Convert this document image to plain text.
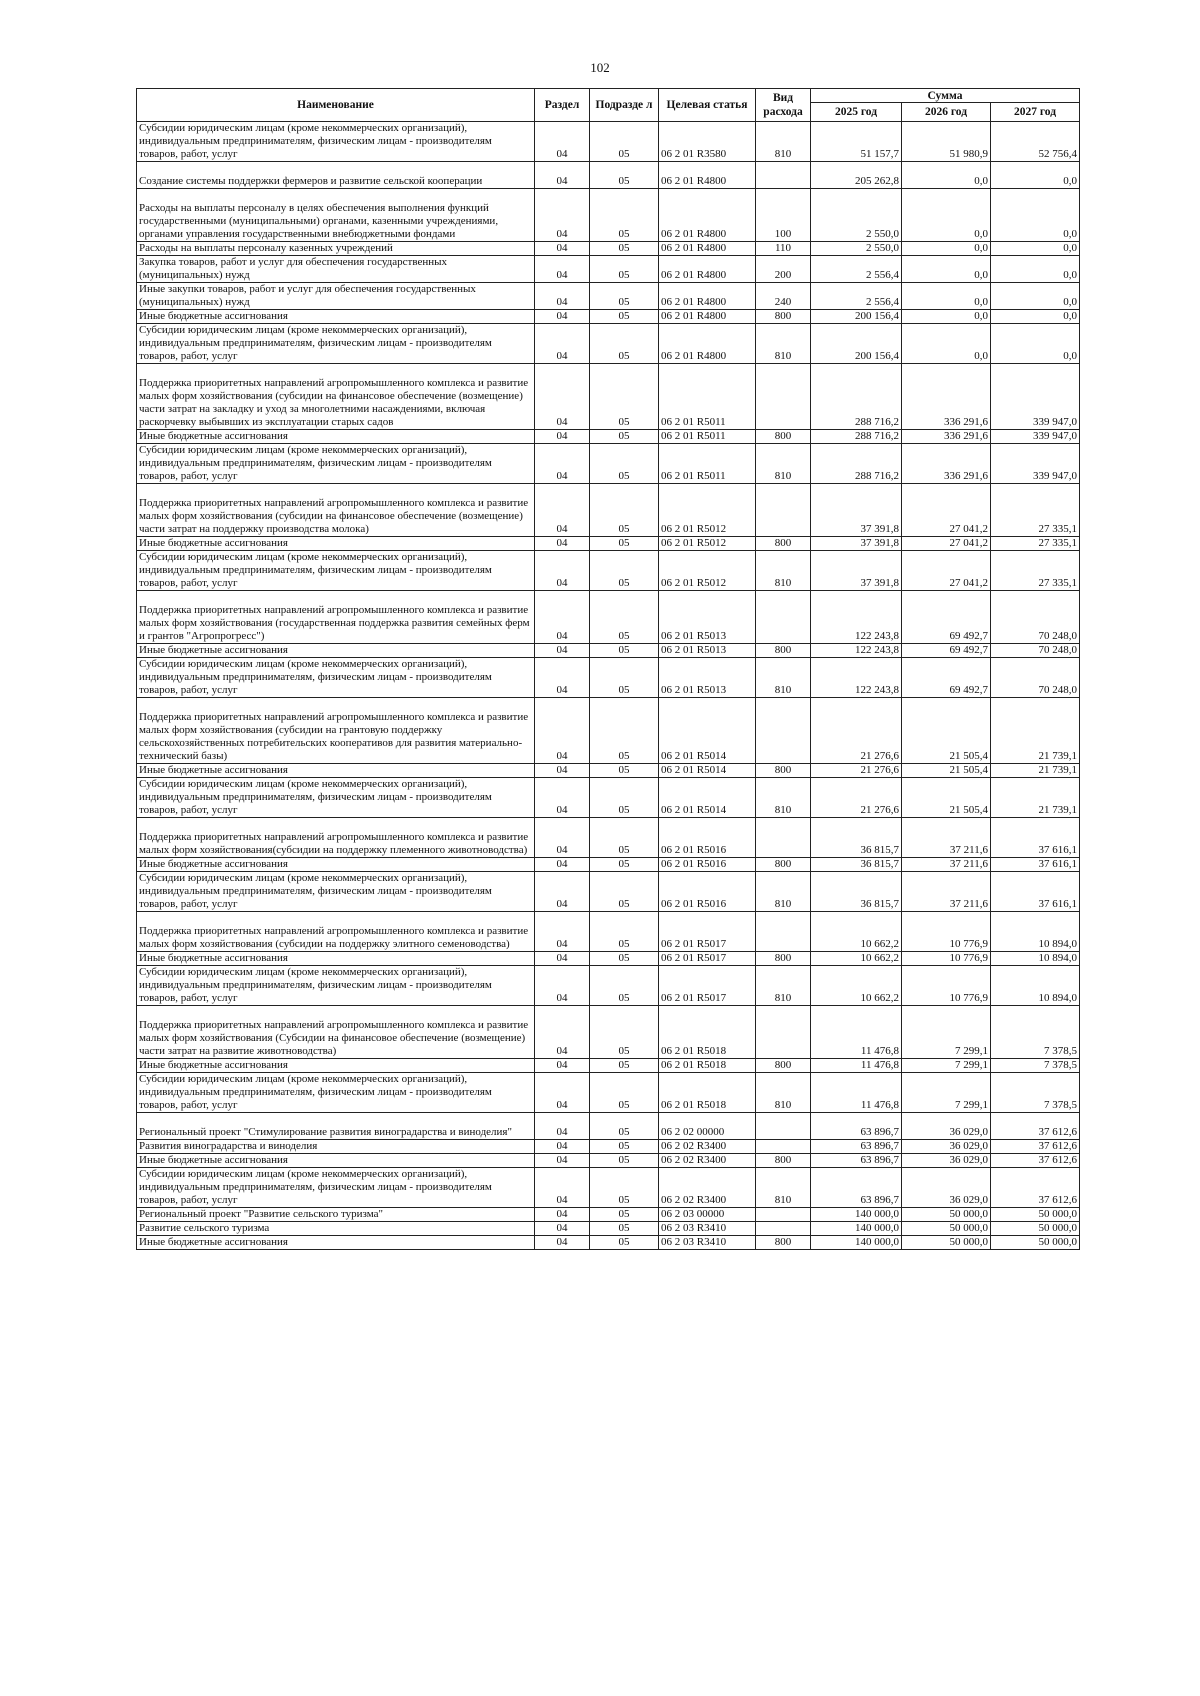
102
Наименование	Раздел	Подразде л	Целевая статья	Вид расхода	Сумма		
					2025 год	2026 год	2027 год
Субсидии юридическим лицам (кроме некоммерческих организаций), индивидуальным предпринимателям, физическим лицам - производителям товаров, работ, услуг	04	05	06 2 01 R3580	810	51 157,7	51 980,9	52 756,4
Создание системы поддержки фермеров и развитие сельской кооперации	04	05	06 2 01 R4800		205 262,8	0,0	0,0
Расходы на выплаты персоналу в целях обеспечения выполнения функций государственными (муниципальными) органами, казенными учреждениями, органами управления государственными внебюджетными фондами	04	05	06 2 01 R4800	100	2 550,0	0,0	0,0
Расходы на выплаты персоналу казенных учреждений	04	05	06 2 01 R4800	110	2 550,0	0,0	0,0
Закупка товаров, работ и услуг для обеспечения государственных (муниципальных) нужд	04	05	06 2 01 R4800	200	2 556,4	0,0	0,0
Иные закупки товаров, работ и услуг для обеспечения государственных (муниципальных) нужд	04	05	06 2 01 R4800	240	2 556,4	0,0	0,0
Иные бюджетные ассигнования	04	05	06 2 01 R4800	800	200 156,4	0,0	0,0
Субсидии юридическим лицам (кроме некоммерческих организаций), индивидуальным предпринимателям, физическим лицам - производителям товаров, работ, услуг	04	05	06 2 01 R4800	810	200 156,4	0,0	0,0
Поддержка приоритетных направлений агропромышленного комплекса и развитие малых форм хозяйствования (субсидии на финансовое обеспечение (возмещение) части затрат на закладку и уход за многолетними насаждениями, включая раскорчевку выбывших из эксплуатации старых садов	04	05	06 2 01 R5011		288 716,2	336 291,6	339 947,0
Иные бюджетные ассигнования	04	05	06 2 01 R5011	800	288 716,2	336 291,6	339 947,0
Субсидии юридическим лицам (кроме некоммерческих организаций), индивидуальным предпринимателям, физическим лицам - производителям товаров, работ, услуг	04	05	06 2 01 R5011	810	288 716,2	336 291,6	339 947,0
Поддержка приоритетных направлений агропромышленного комплекса и развитие малых форм хозяйствования (субсидии на финансовое обеспечение (возмещение) части затрат на поддержку производства молока)	04	05	06 2 01 R5012		37 391,8	27 041,2	27 335,1
Иные бюджетные ассигнования	04	05	06 2 01 R5012	800	37 391,8	27 041,2	27 335,1
Субсидии юридическим лицам (кроме некоммерческих организаций), индивидуальным предпринимателям, физическим лицам - производителям товаров, работ, услуг	04	05	06 2 01 R5012	810	37 391,8	27 041,2	27 335,1
Поддержка приоритетных направлений агропромышленного комплекса и развитие малых форм хозяйствования (государственная поддержка развития семейных ферм и грантов "Агропрогресс")	04	05	06 2 01 R5013		122 243,8	69 492,7	70 248,0
Иные бюджетные ассигнования	04	05	06 2 01 R5013	800	122 243,8	69 492,7	70 248,0
Субсидии юридическим лицам (кроме некоммерческих организаций), индивидуальным предпринимателям, физическим лицам - производителям товаров, работ, услуг	04	05	06 2 01 R5013	810	122 243,8	69 492,7	70 248,0
Поддержка приоритетных направлений агропромышленного комплекса и развитие малых форм хозяйствования (субсидии на грантовую поддержку сельскохозяйственных потребительских кооперативов для развития материально-технический базы)	04	05	06 2 01 R5014		21 276,6	21 505,4	21 739,1
Иные бюджетные ассигнования	04	05	06 2 01 R5014	800	21 276,6	21 505,4	21 739,1
Субсидии юридическим лицам (кроме некоммерческих организаций), индивидуальным предпринимателям, физическим лицам - производителям товаров, работ, услуг	04	05	06 2 01 R5014	810	21 276,6	21 505,4	21 739,1
Поддержка приоритетных направлений агропромышленного комплекса и развитие малых форм хозяйствования(субсидии на поддержку племенного животноводства)	04	05	06 2 01 R5016		36 815,7	37 211,6	37 616,1
Иные бюджетные ассигнования	04	05	06 2 01 R5016	800	36 815,7	37 211,6	37 616,1
Субсидии юридическим лицам (кроме некоммерческих организаций), индивидуальным предпринимателям, физическим лицам - производителям товаров, работ, услуг	04	05	06 2 01 R5016	810	36 815,7	37 211,6	37 616,1
Поддержка приоритетных направлений агропромышленного комплекса и развитие малых форм хозяйствования (субсидии на поддержку элитного семеноводства)	04	05	06 2 01 R5017		10 662,2	10 776,9	10 894,0
Иные бюджетные ассигнования	04	05	06 2 01 R5017	800	10 662,2	10 776,9	10 894,0
Субсидии юридическим лицам (кроме некоммерческих организаций), индивидуальным предпринимателям, физическим лицам - производителям товаров, работ, услуг	04	05	06 2 01 R5017	810	10 662,2	10 776,9	10 894,0
Поддержка приоритетных направлений агропромышленного комплекса и развитие малых форм хозяйствования (Субсидии на финансовое обеспечение (возмещение) части затрат на развитие животноводства)	04	05	06 2 01 R5018		11 476,8	7 299,1	7 378,5
Иные бюджетные ассигнования	04	05	06 2 01 R5018	800	11 476,8	7 299,1	7 378,5
Субсидии юридическим лицам (кроме некоммерческих организаций), индивидуальным предпринимателям, физическим лицам - производителям товаров, работ, услуг	04	05	06 2 01 R5018	810	11 476,8	7 299,1	7 378,5
Региональный проект "Стимулирование развития виноградарства и виноделия"	04	05	06 2 02 00000		63 896,7	36 029,0	37 612,6
Развития виноградарства и виноделия	04	05	06 2 02 R3400		63 896,7	36 029,0	37 612,6
Иные бюджетные ассигнования	04	05	06 2 02 R3400	800	63 896,7	36 029,0	37 612,6
Субсидии юридическим лицам (кроме некоммерческих организаций), индивидуальным предпринимателям, физическим лицам - производителям товаров, работ, услуг	04	05	06 2 02 R3400	810	63 896,7	36 029,0	37 612,6
Региональный проект "Развитие сельского туризма"	04	05	06 2 03 00000		140 000,0	50 000,0	50 000,0
Развитие сельского туризма	04	05	06 2 03 R3410		140 000,0	50 000,0	50 000,0
Иные бюджетные ассигнования	04	05	06 2 03 R3410	800	140 000,0	50 000,0	50 000,0
